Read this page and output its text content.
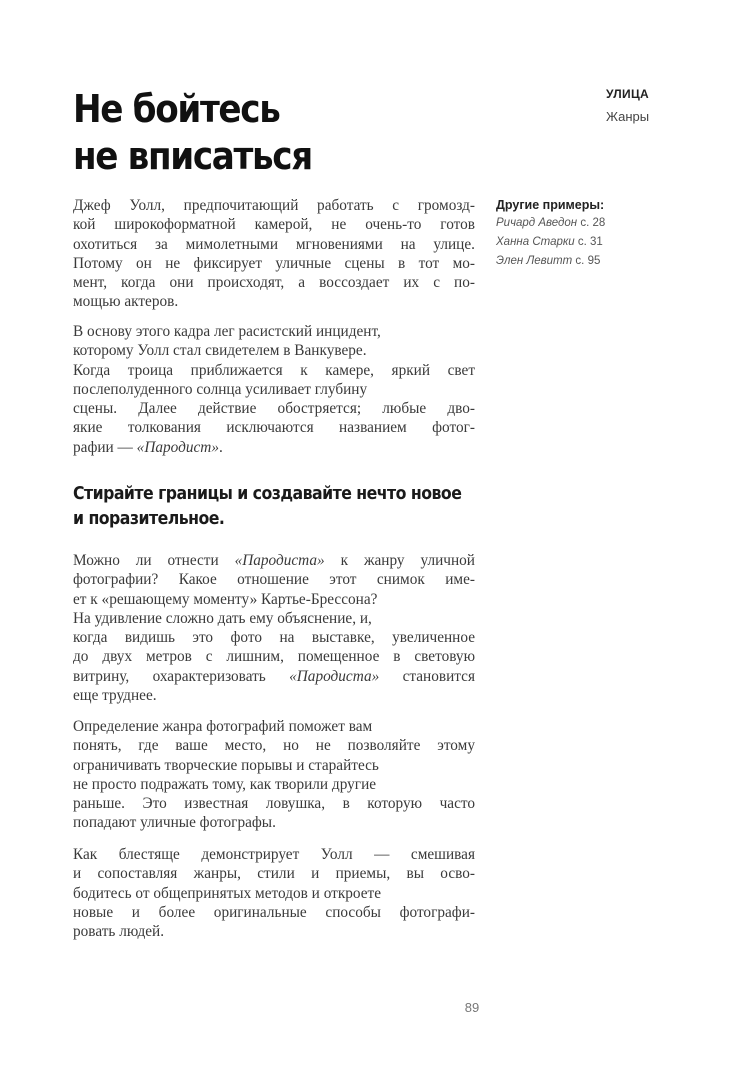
Не бойтесь
не вписаться
УЛИЦА
Жанры
Другие примеры:
Ричард Аведон с. 28
Ханна Старки с. 31
Элен Левитт с. 95
Джеф Уолл, предпочитающий работать с громозд-
кой широкоформатной камерой, не очень-то готов
охотиться за мимолетными мгновениями на улице.
Потому он не фиксирует уличные сцены в тот мо-
мент, когда они происходят, а воссоздает их с по-
мощью актеров.
В основу этого кадра лег расистский инцидент,
которому Уолл стал свидетелем в Ванкувере.
Когда троица приближается к камере, яркий свет
послеполуденного солнца усиливает глубину
сцены. Далее действие обостряется; любые дво-
якие толкования исключаются названием фотог-
рафии — «Пародист».
Стирайте границы и создавайте нечто новое
и поразительное.
Можно ли отнести «Пародиста» к жанру уличной
фотографии? Какое отношение этот снимок име-
ет к «решающему моменту» Картье-Брессона?
На удивление сложно дать ему объяснение, и,
когда видишь это фото на выставке, увеличенное
до двух метров с лишним, помещенное в световую
витрину, охарактеризовать «Пародиста» становится
еще труднее.
Определение жанра фотографий поможет вам
понять, где ваше место, но не позволяйте этому
ограничивать творческие порывы и старайтесь
не просто подражать тому, как творили другие
раньше. Это известная ловушка, в которую часто
попадают уличные фотографы.
Как блестяще демонстрирует Уолл — смешивая
и сопоставляя жанры, стили и приемы, вы осво-
бодитесь от общепринятых методов и откроете
новые и более оригинальные способы фотографи-
ровать людей.
89
